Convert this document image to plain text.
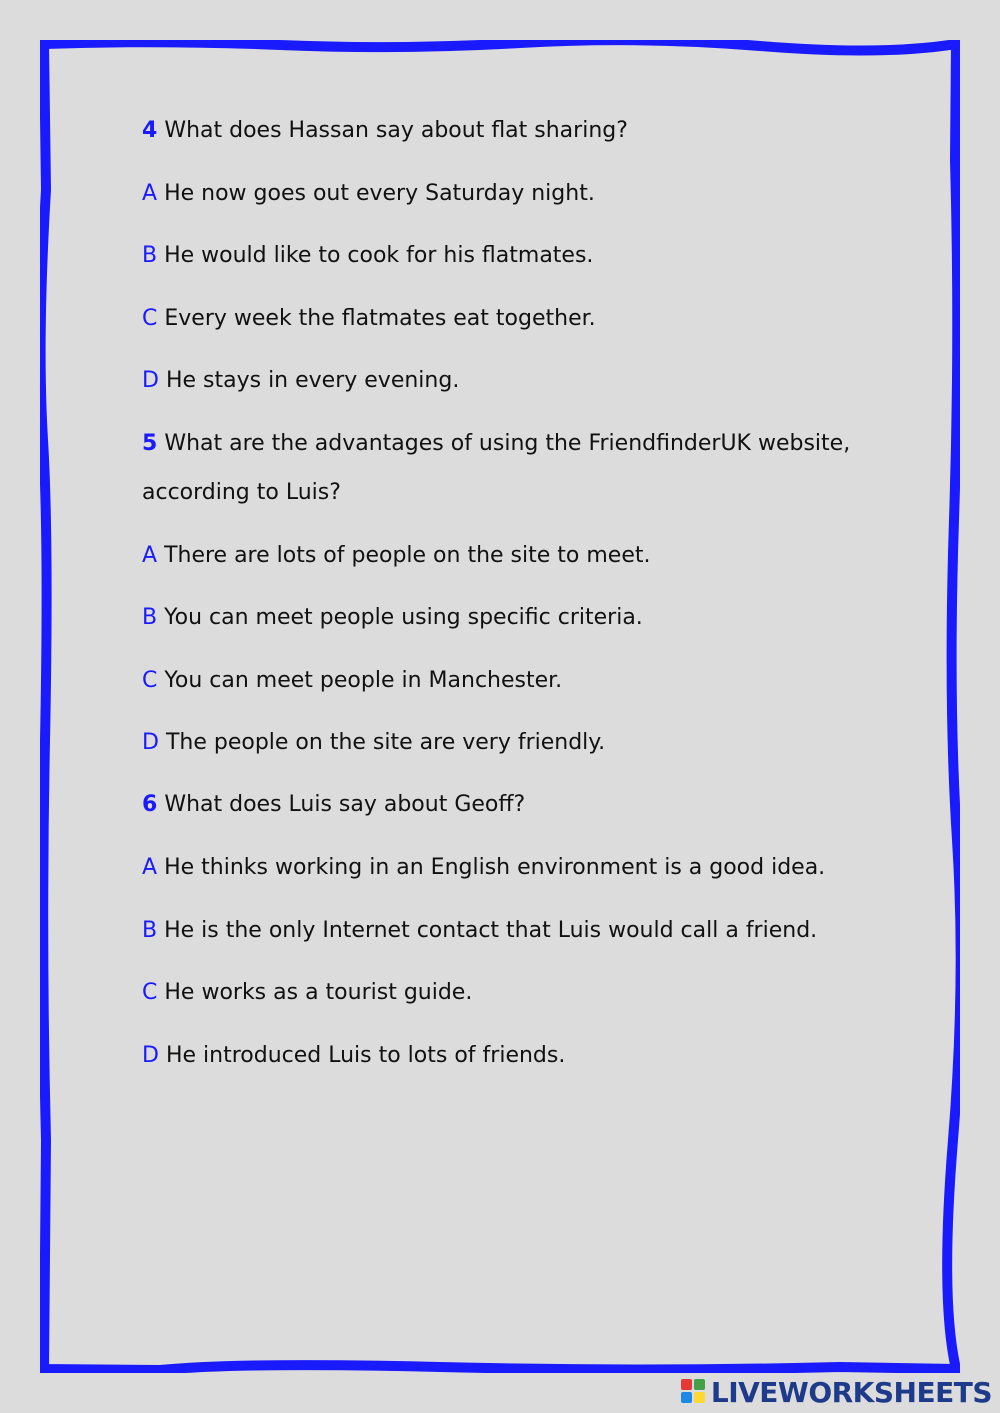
4 What does Hassan say about flat sharing?
A He now goes out every Saturday night.
B He would like to cook for his flatmates.
C Every week the flatmates eat together.
D He stays in every evening.
5 What are the advantages of using the FriendfinderUK website,
according to Luis?
A There are lots of people on the site to meet.
B You can meet people using specific criteria.
C You can meet people in Manchester.
D The people on the site are very friendly.
6 What does Luis say about Geoff?
A He thinks working in an English environment is a good idea.
B He is the only Internet contact that Luis would call a friend.
C He works as a tourist guide.
D He introduced Luis to lots of friends.
LIVEWORKSHEETS
